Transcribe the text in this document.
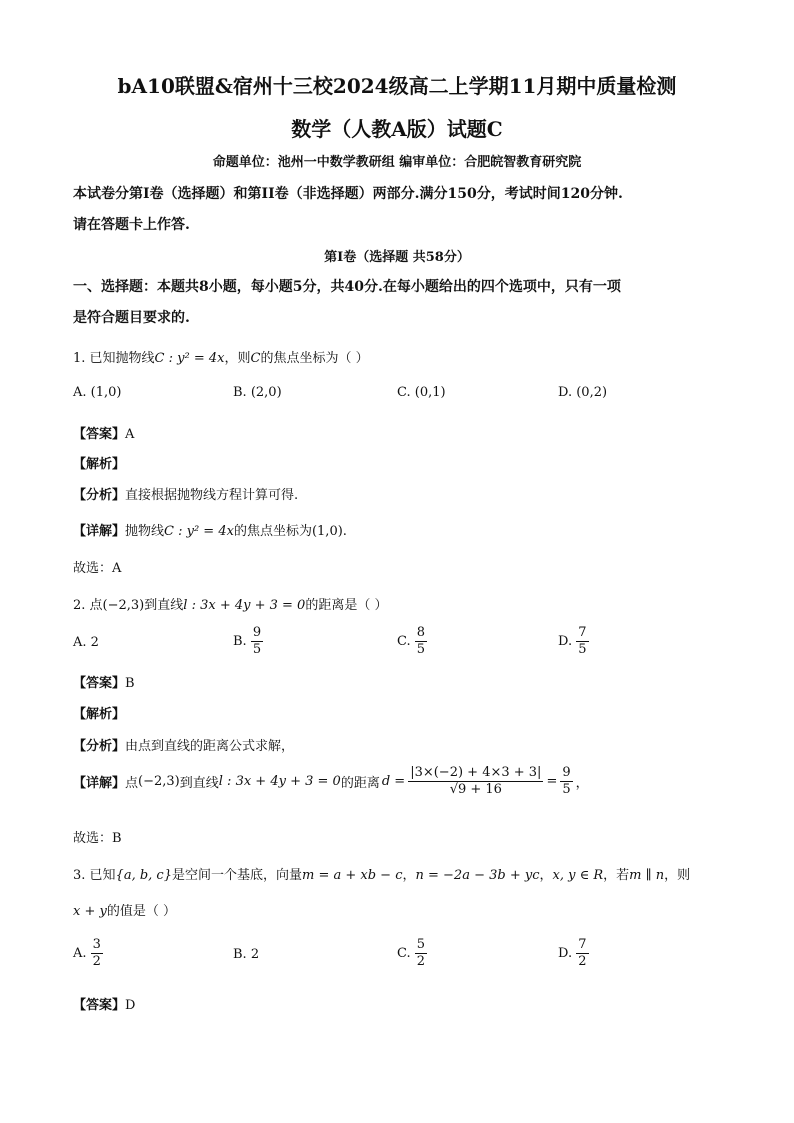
bA10联盟&宿州十三校2024级高二上学期11月期中质量检测
数学（人教A版）试题C
命题单位：池州一中数学教研组 编审单位：合肥皖智教育研究院
本试卷分第I卷（选择题）和第II卷（非选择题）两部分.满分150分，考试时间120分钟.
请在答题卡上作答.
第I卷（选择题 共58分）
一、选择题：本题共8小题，每小题5分，共40分.在每小题给出的四个选项中，只有一项
是符合题目要求的.
1. 已知抛物线C : y² = 4x，则C的焦点坐标为（ ）
A. (1,0)	B. (2,0)	C. (0,1)	D. (0,2)
【答案】A
【解析】
【分析】直接根据抛物线方程计算可得.
【详解】抛物线C : y² = 4x的焦点坐标为(1,0).
故选：A
2. 点(−2,3)到直线l : 3x + 4y + 3 = 0的距离是（ ）
A. 2	B. $\frac{9}{5}$	C. $\frac{8}{5}$	D. $\frac{7}{5}$
【答案】B
【解析】
【分析】由点到直线的距离公式求解，
【详解】 点 (−2,3) 到直线 l : 3x + 4y + 3 = 0 的距离 $d = \frac{|3\times(-2) + 4\times 3 + 3|}{√9 + 16} = \frac{9}{5}$ ，
故选：B
3. 已知{a, b, c}是空间一个基底，向量m = a + xb − c，n = −2a − 3b + yc，x, y ∈ R，若m ∥ n，则
x + y的值是（ ）
A. $\frac{3}{2}$	B. 2	C. $\frac{5}{2}$	D. $\frac{7}{2}$
【答案】D
